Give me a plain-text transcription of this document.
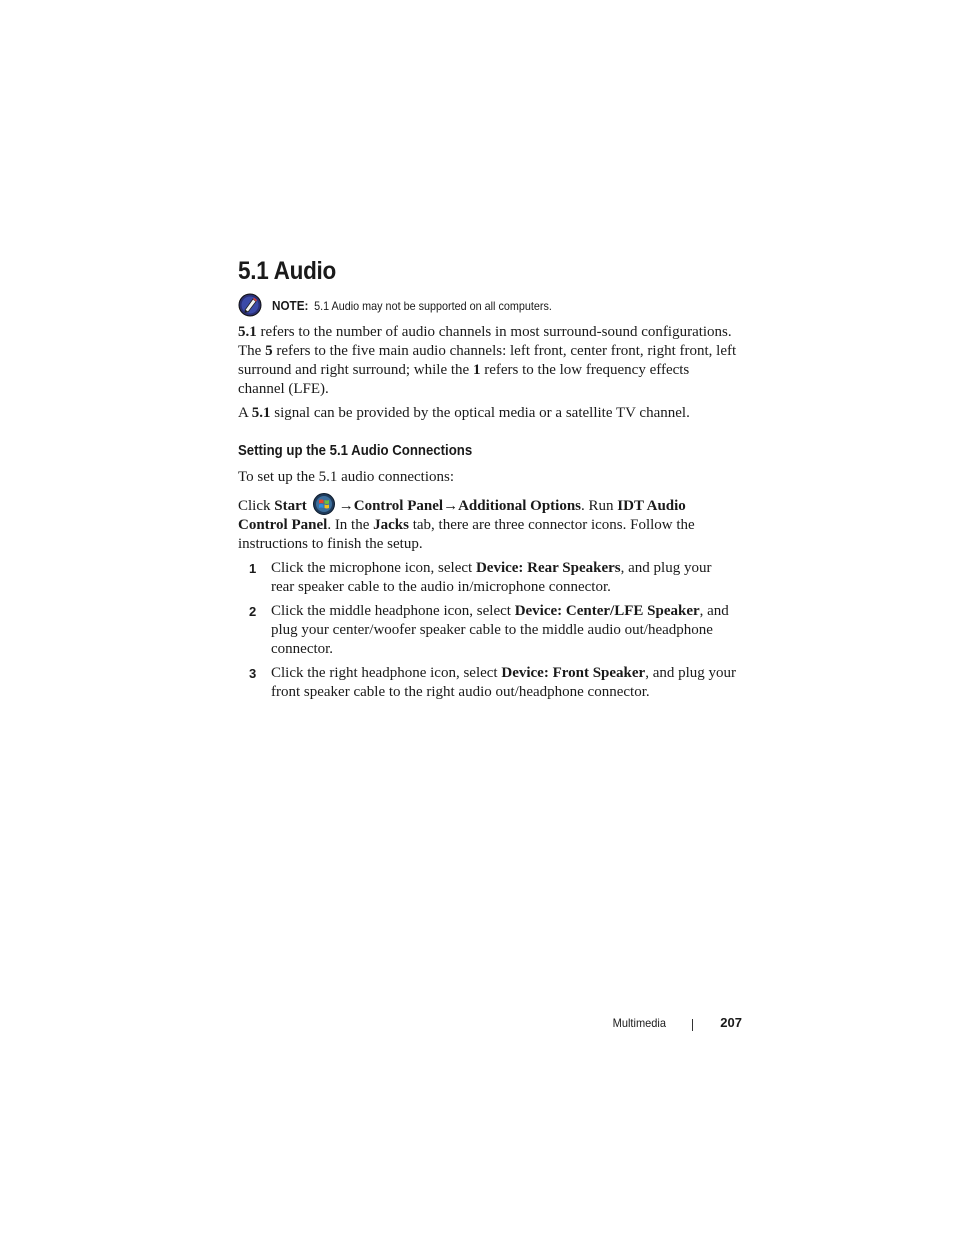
5.1 Audio
NOTE: 5.1 Audio may not be supported on all computers.

5.1 refers to the number of audio channels in most surround-sound configurations. The 5 refers to the five main audio channels: left front, center front, right front, left surround and right surround; while the 1 refers to the low frequency effects channel (LFE).

A 5.1 signal can be provided by the optical media or a satellite TV channel.

Setting up the 5.1 Audio Connections

To set up the 5.1 audio connections:

Click Start →Control Panel→Additional Options. Run IDT Audio Control Panel. In the Jacks tab, there are three connector icons. Follow the instructions to finish the setup.

1 Click the microphone icon, select Device: Rear Speakers, and plug your rear speaker cable to the audio in/microphone connector.
2 Click the middle headphone icon, select Device: Center/LFE Speaker, and plug your center/woofer speaker cable to the middle audio out/headphone connector.
3 Click the right headphone icon, select Device: Front Speaker, and plug your front speaker cable to the right audio out/headphone connector.
Multimedia	207
